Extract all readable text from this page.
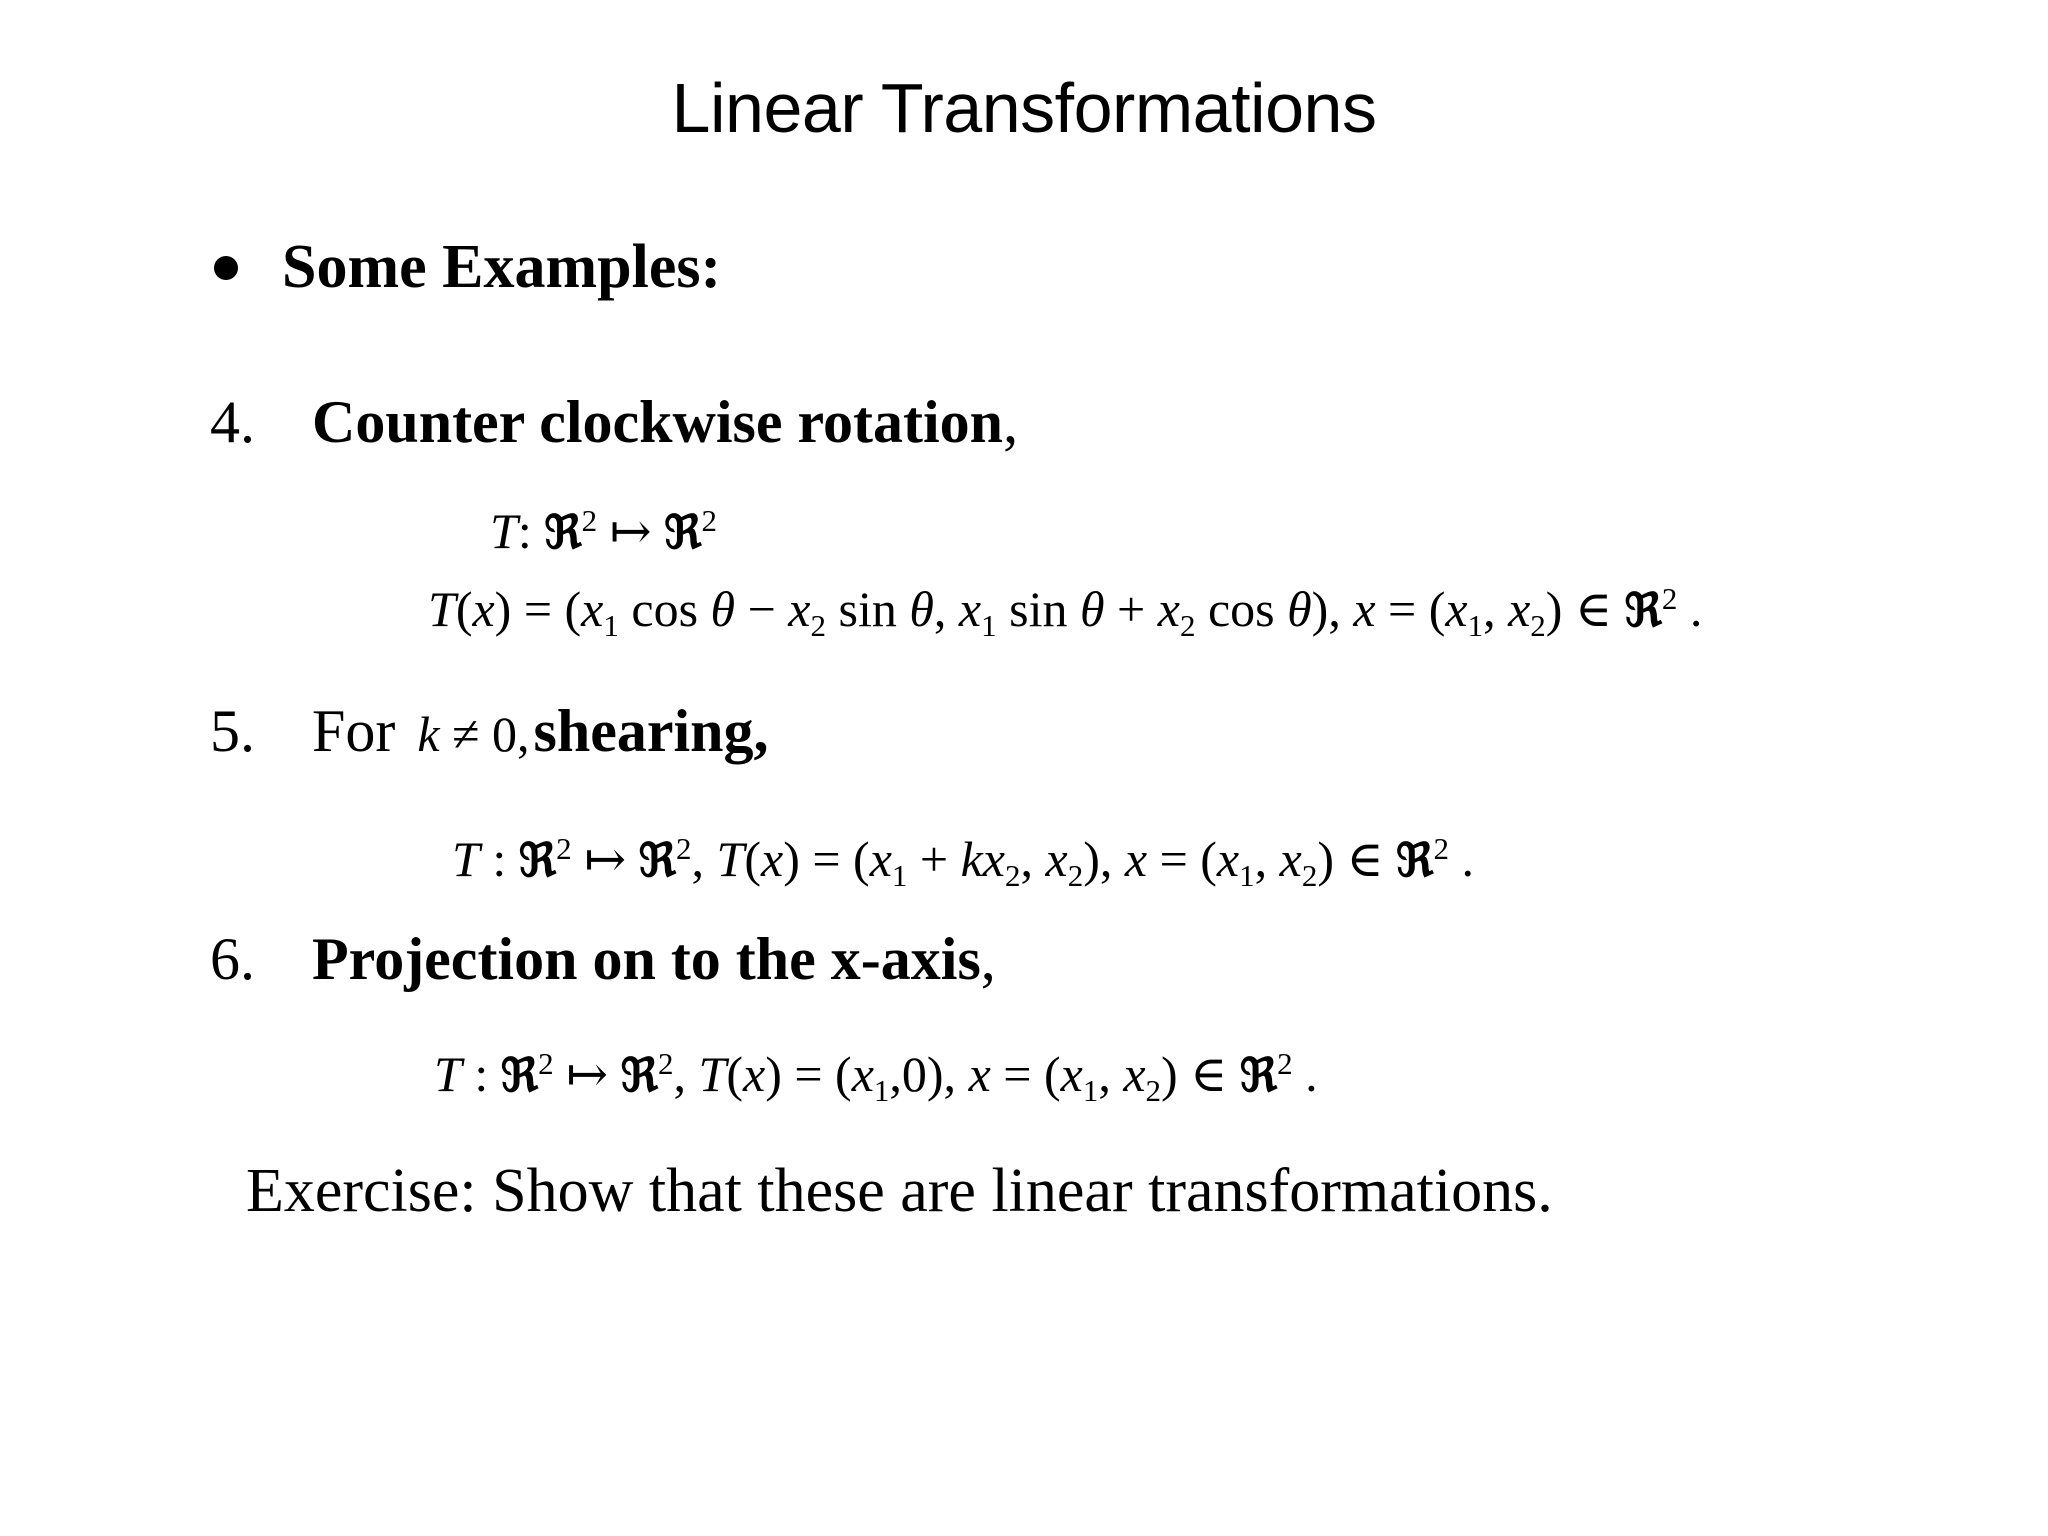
Linear Transformations
Some Examples:
4. Counter clockwise rotation,
T: ℜ$^2$ ↦ ℜ$^2$
$T(x) = (x_1$ $\cos \theta - x_2$ sin θ, $x_1$ $\sin \theta + x_2$ cos θ), $x = (x_1$, $x_2$) ∈ ℜ$^2$ .
5. For k ≠ 0, shearing,
T : ℜ$^2$ ↦ ℜ$^2$, $T(x) = (x_1 + kx_2$, $x_2$), $x = (x_1$, $x_2$) ∈ ℜ$^2$ .
6. Projection on to the x-axis,
T : ℜ$^2$ ↦ ℜ$^2$, $T(x) = (x_1,0)$, $x = (x_1$, $x_2$) ∈ ℜ$^2$ .
Exercise: Show that these are linear transformations.
